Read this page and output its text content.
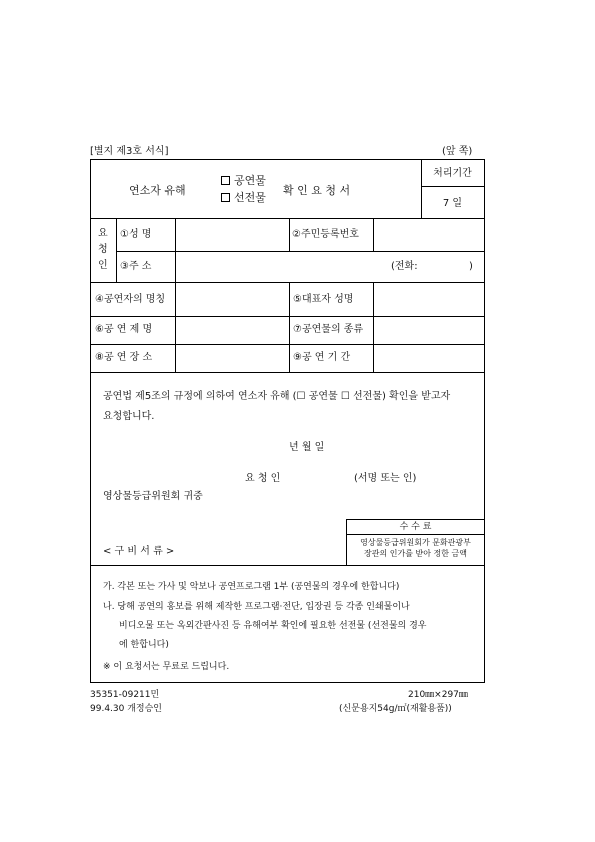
[별지 제3호 서식]	(앞 쪽)
연소자 유해
공연물
선전물
확 인 요 청 서
처리기간
7 일
요
청
인
①성 명	②주민등록번호
③주 소	(전화:	)
④공연자의 명칭	⑤대표자 성명
⑥공 연 제 명	⑦공연물의 종류
⑧공 연 장 소	⑨공 연 기 간
공연법 제5조의 규정에 의하여 연소자 유해 (☐ 공연물 ☐ 선전물) 확인을 받고자
요청합니다.
년 월 일
요 청 인	(서명 또는 인)
영상물등급위원회 귀중
수 수 료
영상물등급위원회가 문화관광부
장관의 인가를 받아 정한 금액
< 구 비 서 류 >
가. 각본 또는 가사 및 악보나 공연프로그램 1부 (공연물의 경우에 한합니다)
나. 당해 공연의 홍보를 위해 제작한 프로그램·전단, 입장권 등 각종 인쇄물이나
비디오물 또는 옥외간판사진 등 유해여부 확인에 필요한 선전물 (선전물의 경우
에 한합니다)
※ 이 요청서는 무료로 드립니다.
35351-09211민
99.4.30 개정승인
210㎜×297㎜
(신문용지54g/㎡(재활용품))
